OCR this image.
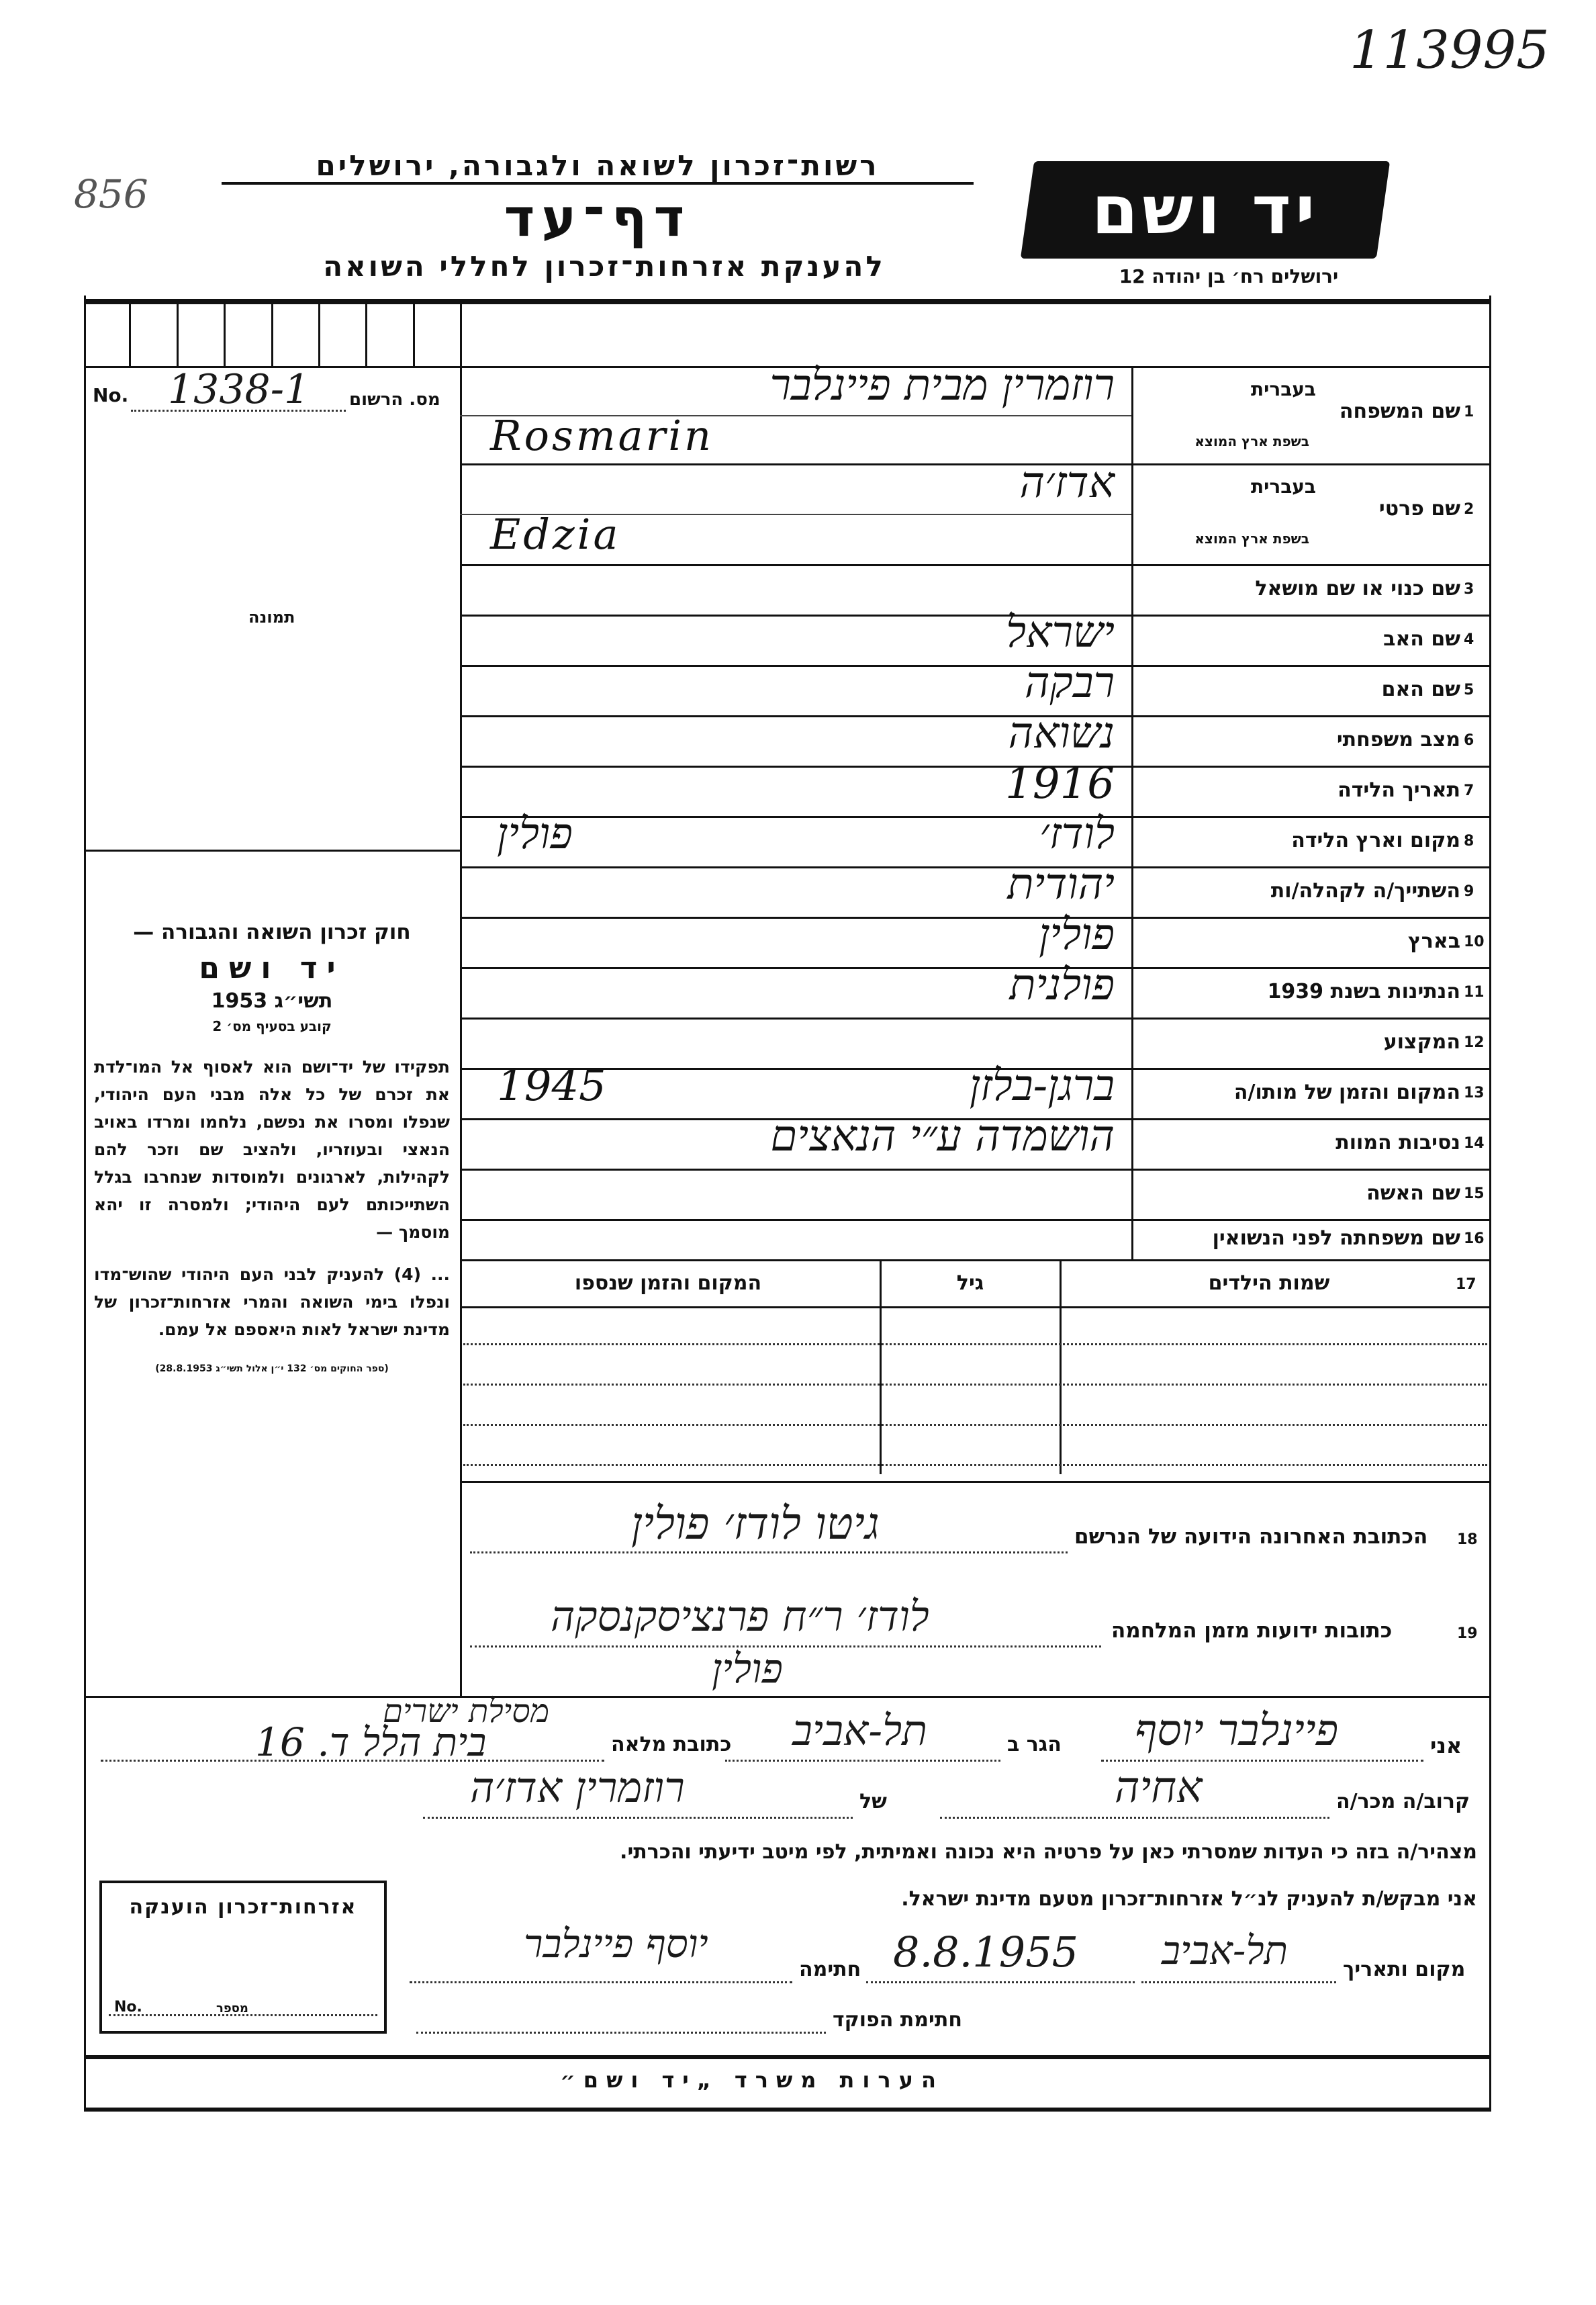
113995
856
רשות־זכרון לשואה ולגבורה, ירושלים
דף־עד
להענקת אזרחות־זכרון לחללי השואה
יד ושם
ירושלים רח׳ בן יהודה 12
No. 1338-1 מס. הרשום
תמונה

חוק זכרון השואה והגבורה —

יד ושם

תשי״ג 1953

קובע בסעיף מס׳ 2

תפקידו של יד־ושם הוא לאסוף אל המו־לדת את זכרם של כל אלה מבני העם היהודי, שנפלו ומסרו את נפשם, נלחמו ומרדו באויב הנאצי ובעוזריו, ולהציב שם וזכר להם לקהילות, לארגונים ולמוסדות שנחרבו בגלל השתייכותם לעם היהודי; ולמסרה זו יהא מוסמך —

... (4) להעניק לבני העם היהודי שהוש־מדו ונפלו בימי השואה והמרי אזרחות־זכרון של מדינת ישראל לאות היאספם אל עמם.

(ספר החוקים מס׳ 132 י״ן אלול תשי״ג 28.8.1953)

שם המשפחה 1
בעברית
בשפת ארץ המוצא
רוזמרין מבית פיינלבר
Rosmarin
שם פרטי 2
בעברית
בשפת ארץ המוצא
אדז׳ה
Edzia
שם כנוי או שם מושאל 3
שם האב 4
ישראל
שם האם 5
רבקה
מצב משפחתי 6
נשואה
תאריך הלידה 7
1916
מקום וארץ הלידה 8
לודז׳
פולין
השתייך/ה לקהלה/ות 9
יהודית
בארץ 10
פולין
הנתינות בשנת 1939 11
פולנית
המקצוע 12
המקום והזמן של מותו/ה 13
ברגן-בלזן
1945
נסיבות המוות 14
הושמדה ע״י הנאצים
שם האשה 15
שם משפחתה לפני הנשואין 16
17
שמות הילדים
גיל
המקום והזמן שנספו
18
הכתובת האחרונה הידועה של הנרשם
גיטו לודז׳ פולין
19
כתובות ידועות מזמן המלחמה
לודז׳ ר״ח פרנציסקנסקה
פולין
אני
פיינלבר יוסף
הגר ב
תל-אביב
כתובת מלאה
בית הלל ד. 16
מסילת ישרים
קרוב/ה מכר/ה
אחיה
של
רוזמרין אדז׳ה
מצהיר/ה בזה כי העדות שמסרתי כאן על פרטיה היא נכונה ואמיתית, לפי מיטב ידיעתי והכרתי.
אני מבקש/ת להעניק לנ״ל אזרחות־זכרון מטעם מדינת ישראל.
מקום ותאריך
תל-אביב
8.8.1955
חתימה
יוסף פיינלבר
חתימת הפוקד
אזרחות־זכרון הוענקה
No.	מספר
הערות משרד „יד ושם״
